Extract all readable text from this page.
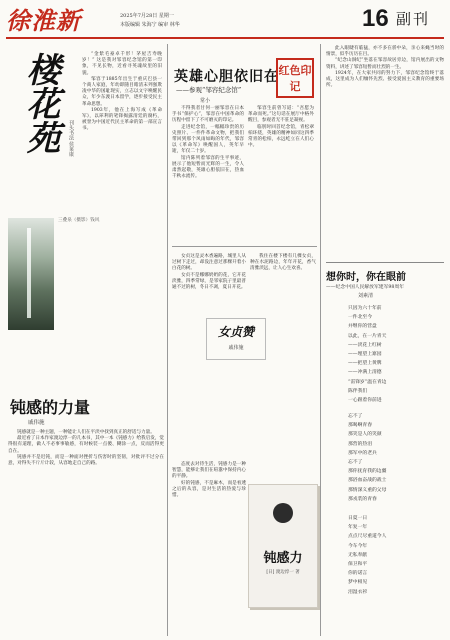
徐淮新	2025年7月28日 星期一
本版编辑 朱海宁 编审 林华	16 副刊
楼花苑	刊头书法 侯莱康

“金紫毛豪卓千形！茅屋吉寿晚岁！” 这是我对邹容纪念馆的第一印象，不见长物，近看寻英魂故里的旧貌。

邹容于1885年出生于重庆巴县一个商人家庭，年幼即随目睹清末列强欺凌中华的国耻现实，立志以文字唤醒民众，年少东渡日本留学，逐步接受民主革命思想。

1903年，他在上海写成《革命军》，以犀利的笔锋揭露清廷的腐朽，被誉为中国近代民主革命的第一部宣言书。

三叠泉（摄影）钱风
钝感的力量
戚伟施

钝感就是一种主题，一种能让人们在平淡中找到真正的舒适与力量。

最近看了日本作家渡边淳一的几本书，其中一本《钝感力》给我启发，觉得很有道理，做人不必事事敏感，有时候装一点傻、糊涂一点，反而活得更自在。

钝感并不是迟钝，而是一种面对挫折与伤害时的坚韧，对批评不过分在意，对得失不斤斤计较，从容地走自己的路。

英雄心胆依旧在
——参观“邹容纪念馆”
常小
红色印记

不得我者甘何一丽邹容在日本手书“保护心”，邹容在中国革命的历程中留下了不可磨灭的印记。

走进纪念馆，一幅幅珍贵的历史照片、一件件革命文物，把我们带回到那个风雨如晦的年代，邹容以《革命军》唤醒国人，英年早逝，年仅二十岁。

馆内陈列着邹容的生平事迹，展示了他短暂而光辉的一生，令人肃然起敬，英雄心胆依旧在，热血千秋永流传。

邹容生前曾写道：“吾愿为革命而死。”这句话在展厅中格外醒目，参观者无不驻足凝视。

临别时回首纪念馆，青松翠柏环绕，英雄的精神如同这四季常青的松柏，永远屹立在人们心中。

女贞这是灵木香遍路，城里人从过树下走过，却没注意过那棵开着小白花的树。

女贞不是娜娜奶奶的花，它开花淡雅，四季常绿，是邻家院子里最普通不过的树，冬日不凋，夏日开花。

我住在楼下楼有几棵女贞，种在水泥路边，年年开花，香气清雅淡远，让人心生欢喜。

女贞赞
戚伟施

态度去对待生活，钝感力是一种智慧，能够让我们在喧嚣中保持内心的平静。

好的钝感，不是麻木，而是看透之后的从容，是对生活的热爱与珍惜。

钝感力
[日] 渡边淳一 著

此入眼睫有临猛，亦不多在骄中朵，亲心来蝇当时的情景，似乎历历在目。

“纪念山洞纪”坐落在邹容故居旁边，馆内展出的文物资料，讲述了邹容短暂而壮烈的一生。

1924年，在大家共同的努力下，邹容纪念馆终于落成，这里成为人们缅怀先烈、接受爱国主义教育的重要场所。

想你时，你在眼前
——纪念中国人民解放军建军98周年
刘素清
只因为六十年前
一件北至今
并继你的营盘
以此，在一片青天
——淡花上红树
——埋望上寨园
——把望上黄牌
——冲满上清德
“雷锋岁”温在青边
陈伴我们
一心跟着你前进
忘不了
那喝啊青春
那笑是人的笑颜
那营的热泪
那军中的老兵
忘不了
那你抚育我的边疆
那浴血奋战的战士
那情深义重的父母
那戎装的青春
日夏一日
年复一年
点点尺尽重道今人
今车今年
无私奉献
保卫和平
你的诺言
梦中相见
泪湿衣衫
